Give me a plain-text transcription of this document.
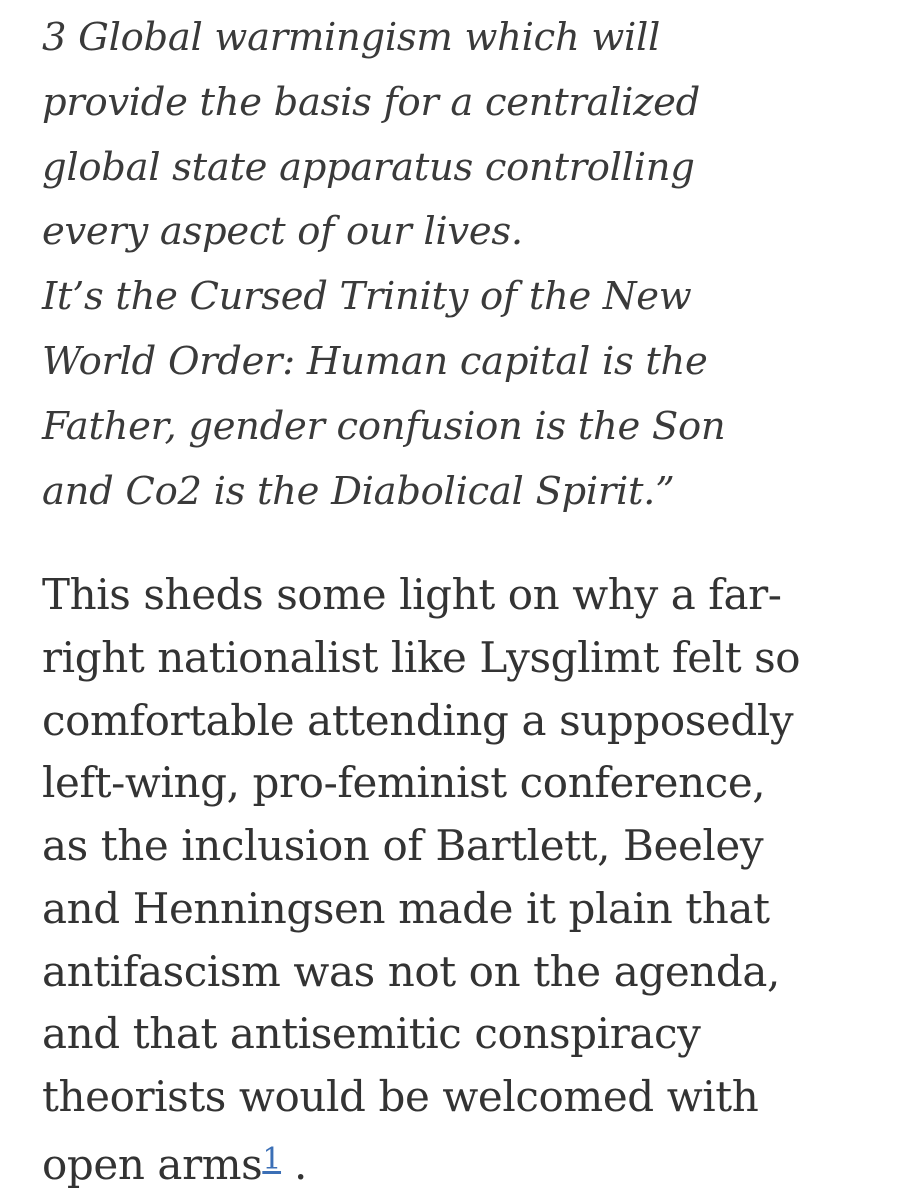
3 Global warmingism which will
provide the basis for a centralized
global state apparatus controlling
every aspect of our lives.
It’s the Cursed Trinity of the New
World Order: Human capital is the
Father, gender confusion is the Son
and Co2 is the Diabolical Spirit.”

This sheds some light on why a far-
right nationalist like Lysglimt felt so
comfortable attending a supposedly
left-wing, pro-feminist conference,
as the inclusion of Bartlett, Beeley
and Henningsen made it plain that
antifascism was not on the agenda,
and that antisemitic conspiracy
theorists would be welcomed with
open arms$^1$ .
